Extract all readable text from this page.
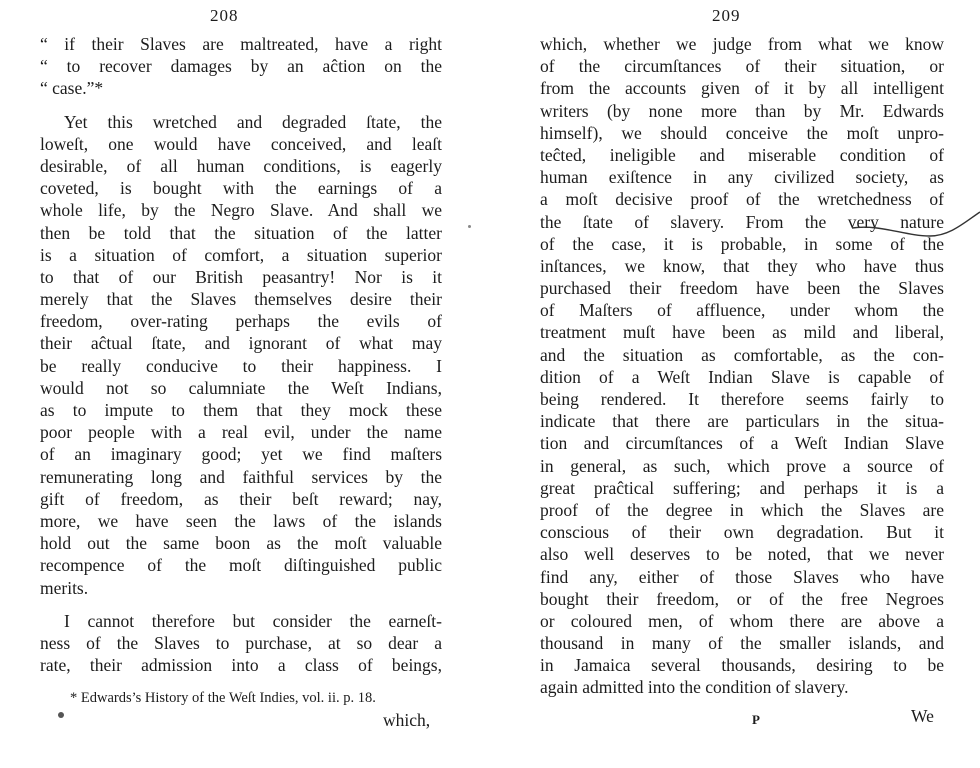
208
“ if their Slaves are maltreated, have a right
“ to recover damages by an aĉtion on the
“ case.”*
Yet this wretched and degraded ſtate, the
loweſt, one would have conceived, and leaſt
desirable, of all human conditions, is eagerly
coveted, is bought with the earnings of a
whole life, by the Negro Slave. And shall we
then be told that the situation of the latter
is a situation of comfort, a situation superior
to that of our British peasantry! Nor is it
merely that the Slaves themselves desire their
freedom, over-rating perhaps the evils of
their aĉtual ſtate, and ignorant of what may
be really conducive to their happiness. I
would not so calumniate the Weſt Indians,
as to impute to them that they mock these
poor people with a real evil, under the name
of an imaginary good; yet we find maſters
remunerating long and faithful services by the
gift of freedom, as their beſt reward; nay,
more, we have seen the laws of the islands
hold out the same boon as the moſt valuable
recompence of the moſt diſtinguished public
merits.
I cannot therefore but consider the earneſt-
ness of the Slaves to purchase, at so dear a
rate, their admission into a class of beings,
* Edwards’s History of the Weſt Indies, vol. ii. p. 18.
which,
209
which, whether we judge from what we know
of the circumſtances of their situation, or
from the accounts given of it by all intelligent
writers (by none more than by Mr. Edwards
himself), we should conceive the moſt unpro-
teĉted, ineligible and miserable condition of
human exiſtence in any civilized society, as
a moſt decisive proof of the wretchedness of
the ſtate of slavery. From the very nature
of the case, it is probable, in some of the
inſtances, we know, that they who have thus
purchased their freedom have been the Slaves
of Maſters of affluence, under whom the
treatment muſt have been as mild and liberal,
and the situation as comfortable, as the con-
dition of a Weſt Indian Slave is capable of
being rendered. It therefore seems fairly to
indicate that there are particulars in the situa-
tion and circumſtances of a Weſt Indian Slave
in general, as such, which prove a source of
great praĉtical suffering; and perhaps it is a
proof of the degree in which the Slaves are
conscious of their own degradation. But it
also well deserves to be noted, that we never
find any, either of those Slaves who have
bought their freedom, or of the free Negroes
or coloured men, of whom there are above a
thousand in many of the smaller islands, and
in Jamaica several thousands, desiring to be
again admitted into the condition of slavery.
P	We
